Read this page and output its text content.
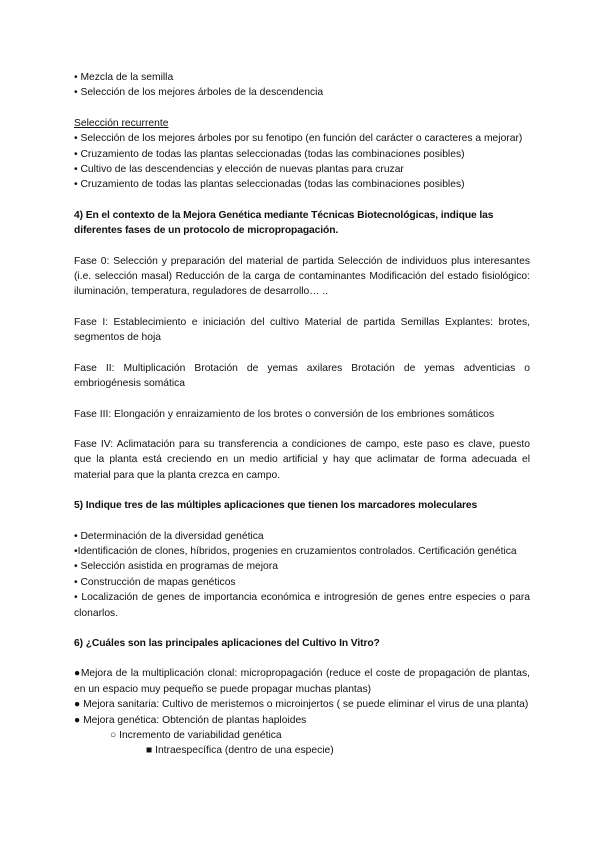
• Mezcla de la semilla
• Selección de los mejores árboles de la descendencia
Selección recurrente
• Selección de los mejores árboles por su fenotipo (en función del carácter o caracteres a mejorar)
• Cruzamiento de todas las plantas seleccionadas (todas las combinaciones posibles)
• Cultivo de las descendencias y elección de nuevas plantas para cruzar
• Cruzamiento de todas las plantas seleccionadas (todas las combinaciones posibles)
4) En el contexto de la Mejora Genética mediante Técnicas Biotecnológicas, indique las diferentes fases de un protocolo de micropropagación.
Fase 0: Selección y preparación del material de partida Selección de individuos plus interesantes (i.e. selección masal) Reducción de la carga de contaminantes Modificación del estado fisiológico: iluminación, temperatura, reguladores de desarrollo… ..
Fase I: Establecimiento e iniciación del cultivo Material de partida Semillas Explantes: brotes, segmentos de hoja
Fase II: Multiplicación Brotación de yemas axilares Brotación de yemas adventicias o embriogénesis somática
Fase III: Elongación y enraizamiento de los brotes o conversión de los embriones somáticos
Fase IV: Aclimatación para su transferencia a condiciones de campo, este paso es clave, puesto que la planta está creciendo en un medio artificial y hay que aclimatar de forma adecuada el material para que la planta crezca en campo.
5) Indique tres de las múltiples aplicaciones que tienen los marcadores moleculares
• Determinación de la diversidad genética
•Identificación de clones, híbridos, progenies en cruzamientos controlados. Certificación genética
• Selección asistida en programas de mejora
• Construcción de mapas genéticos
• Localización de genes de importancia económica e introgresión de genes entre especies o para clonarlos.
6) ¿Cuáles son las principales aplicaciones del Cultivo In Vitro?
●Mejora de la multiplicación clonal: micropropagación (reduce el coste de propagación de plantas, en un espacio muy pequeño se puede propagar muchas plantas)
● Mejora sanitaria: Cultivo de meristemos o microinjertos ( se puede eliminar el virus de una planta)
● Mejora genética: Obtención de plantas haploides
○ Incremento de variabilidad genética
■ Intraespecífica (dentro de una especie)
